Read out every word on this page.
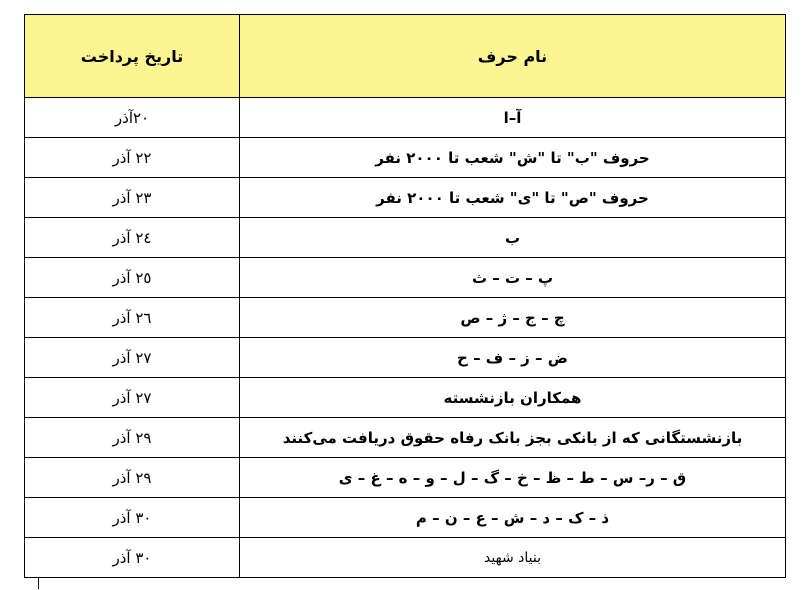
نام حرف	تاریخ پرداخت
آ–ا	۲۰آذر
حروف "ب" تا "ش" شعب تا ۲۰۰۰ نفر	۲۲ آذر
حروف "ص" تا "ی" شعب تا ۲۰۰۰ نفر	۲۳ آذر
ب	۲٤ آذر
پ – ت – ث	۲٥ آذر
چ – ج – ژ – ص	۲٦ آذر
ض – ز – ف – ح	۲۷ آذر
همکاران بازنشسته	۲۷ آذر
بازنشستگانی که از بانکی بجز بانک رفاه حقوق دریافت می‌کنند	۲۹ آذر
ق – ر– س – ط – ظ – خ – گ – ل – و – ه – غ – ی	۲۹ آذر
ذ – ک – د – ش – ع – ن – م	۳۰ آذر
بنیاد شهید	۳۰ آذر
